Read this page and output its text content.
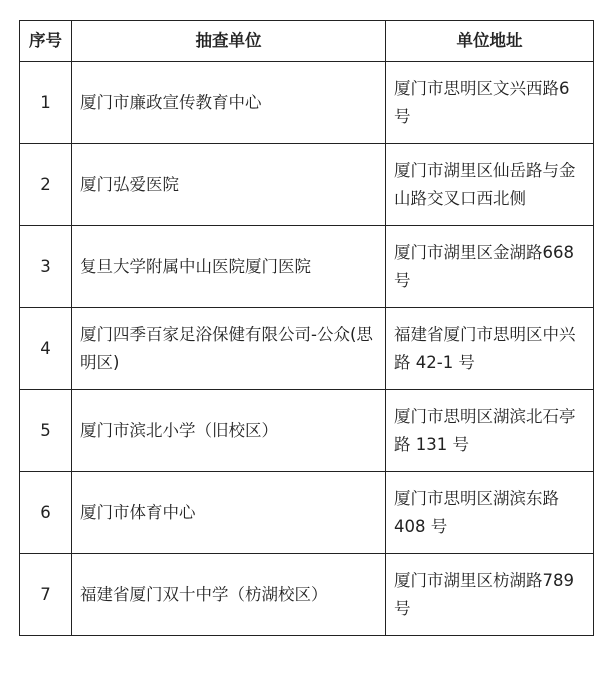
序号	抽查单位	单位地址
1	厦门市廉政宣传教育中心	厦门市思明区文兴西路6 号
2	厦门弘爱医院	厦门市湖里区仙岳路与金山路交叉口西北侧
3	复旦大学附属中山医院厦门医院	厦门市湖里区金湖路668 号
4	厦门四季百家足浴保健有限公司-公众(思明区)	福建省厦门市思明区中兴路 42-1 号
5	厦门市滨北小学（旧校区）	厦门市思明区湖滨北石亭路 131 号
6	厦门市体育中心	厦门市思明区湖滨东路408 号
7	福建省厦门双十中学（枋湖校区）	厦门市湖里区枋湖路789 号
